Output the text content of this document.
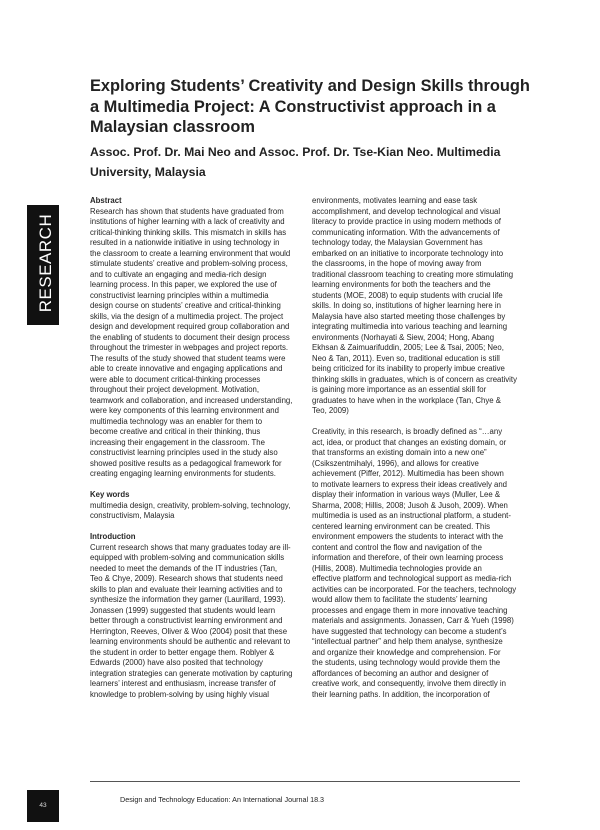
Exploring Students’ Creativity and Design Skills through a Multimedia Project: A Constructivist approach in a Malaysian classroom
Assoc. Prof. Dr. Mai Neo and Assoc. Prof. Dr. Tse-Kian Neo. Multimedia University, Malaysia
RESEARCH

Abstract

Research has shown that students have graduated from

institutions of higher learning with a lack of creativity and

critical-thinking thinking skills. This mismatch in skills has

resulted in a nationwide initiative in using technology in

the classroom to create a learning environment that would

stimulate students’ creative and problem-solving process,

and to cultivate an engaging and media-rich design

learning process. In this paper, we explored the use of

constructivist learning principles within a multimedia

design course on students’ creative and critical-thinking

skills, via the design of a multimedia project. The project

design and development required group collaboration and

the enabling of students to document their design process

throughout the trimester in webpages and project reports.

The results of the study showed that student teams were

able to create innovative and engaging applications and

were able to document critical-thinking processes

throughout their project development. Motivation,

teamwork and collaboration, and increased understanding,

were key components of this learning environment and

multimedia technology was an enabler for them to

become creative and critical in their thinking, thus

increasing their engagement in the classroom. The

constructivist learning principles used in the study also

showed positive results as a pedagogical framework for

creating engaging learning environments for students.

Key words

multimedia design, creativity, problem-solving, technology,

constructivism, Malaysia

Introduction

Current research shows that many graduates today are ill-

equipped with problem-solving and communication skills

needed to meet the demands of the IT industries (Tan,

Teo & Chye, 2009). Research shows that students need

skills to plan and evaluate their learning activities and to

synthesize the information they garner (Laurillard, 1993).

Jonassen (1999) suggested that students would learn

better through a constructivist learning environment and

Herrington, Reeves, Oliver & Woo (2004) posit that these

learning environments should be authentic and relevant to

the student in order to better engage them. Roblyer &

Edwards (2000) have also posited that technology

integration strategies can generate motivation by capturing

learners’ interest and enthusiasm, increase transfer of

knowledge to problem-solving by using highly visual

environments, motivates learning and ease task

accomplishment, and develop technological and visual

literacy to provide practice in using modern methods of

communicating information. With the advancements of

technology today, the Malaysian Government has

embarked on an initiative to incorporate technology into

the classrooms, in the hope of moving away from

traditional classroom teaching to creating more stimulating

learning environments for both the teachers and the

students (MOE, 2008) to equip students with crucial life

skills. In doing so, institutions of higher learning here in

Malaysia have also started meeting those challenges by

integrating multimedia into various teaching and learning

environments (Norhayati & Siew, 2004; Hong, Abang

Ekhsan & Zaimuarifuddin, 2005; Lee & Tsai, 2005; Neo,

Neo & Tan, 2011). Even so, traditional education is still

being criticized for its inability to properly imbue creative

thinking skills in graduates, which is of concern as creativity

is gaining more importance as an essential skill for

graduates to have when in the workplace (Tan, Chye &

Teo, 2009)

Creativity, in this research, is broadly defined as “…any

act, idea, or product that changes an existing domain, or

that transforms an existing domain into a new one”

(Csikszentmihalyi, 1996), and allows for creative

achievement (Piffer, 2012). Multimedia has been shown

to motivate learners to express their ideas creatively and

display their information in various ways (Muller, Lee &

Sharma, 2008; Hillis, 2008; Jusoh & Jusoh, 2009). When

multimedia is used as an instructional platform, a student-

centered learning environment can be created. This

environment empowers the students to interact with the

content and control the flow and navigation of the

information and therefore, of their own learning process

(Hillis, 2008). Multimedia technologies provide an

effective platform and technological support as media-rich

activities can be incorporated. For the teachers, technology

would allow them to facilitate the students’ learning

processes and engage them in more innovative teaching

materials and assignments. Jonassen, Carr & Yueh (1998)

have suggested that technology can become a student’s

“intellectual partner” and help them analyse, synthesize

and organize their knowledge and comprehension. For

the students, using technology would provide them the

affordances of becoming an author and designer of

creative work, and consequently, involve them directly in

their learning paths. In addition, the incorporation of

43
Design and Technology Education: An International Journal 18.3
